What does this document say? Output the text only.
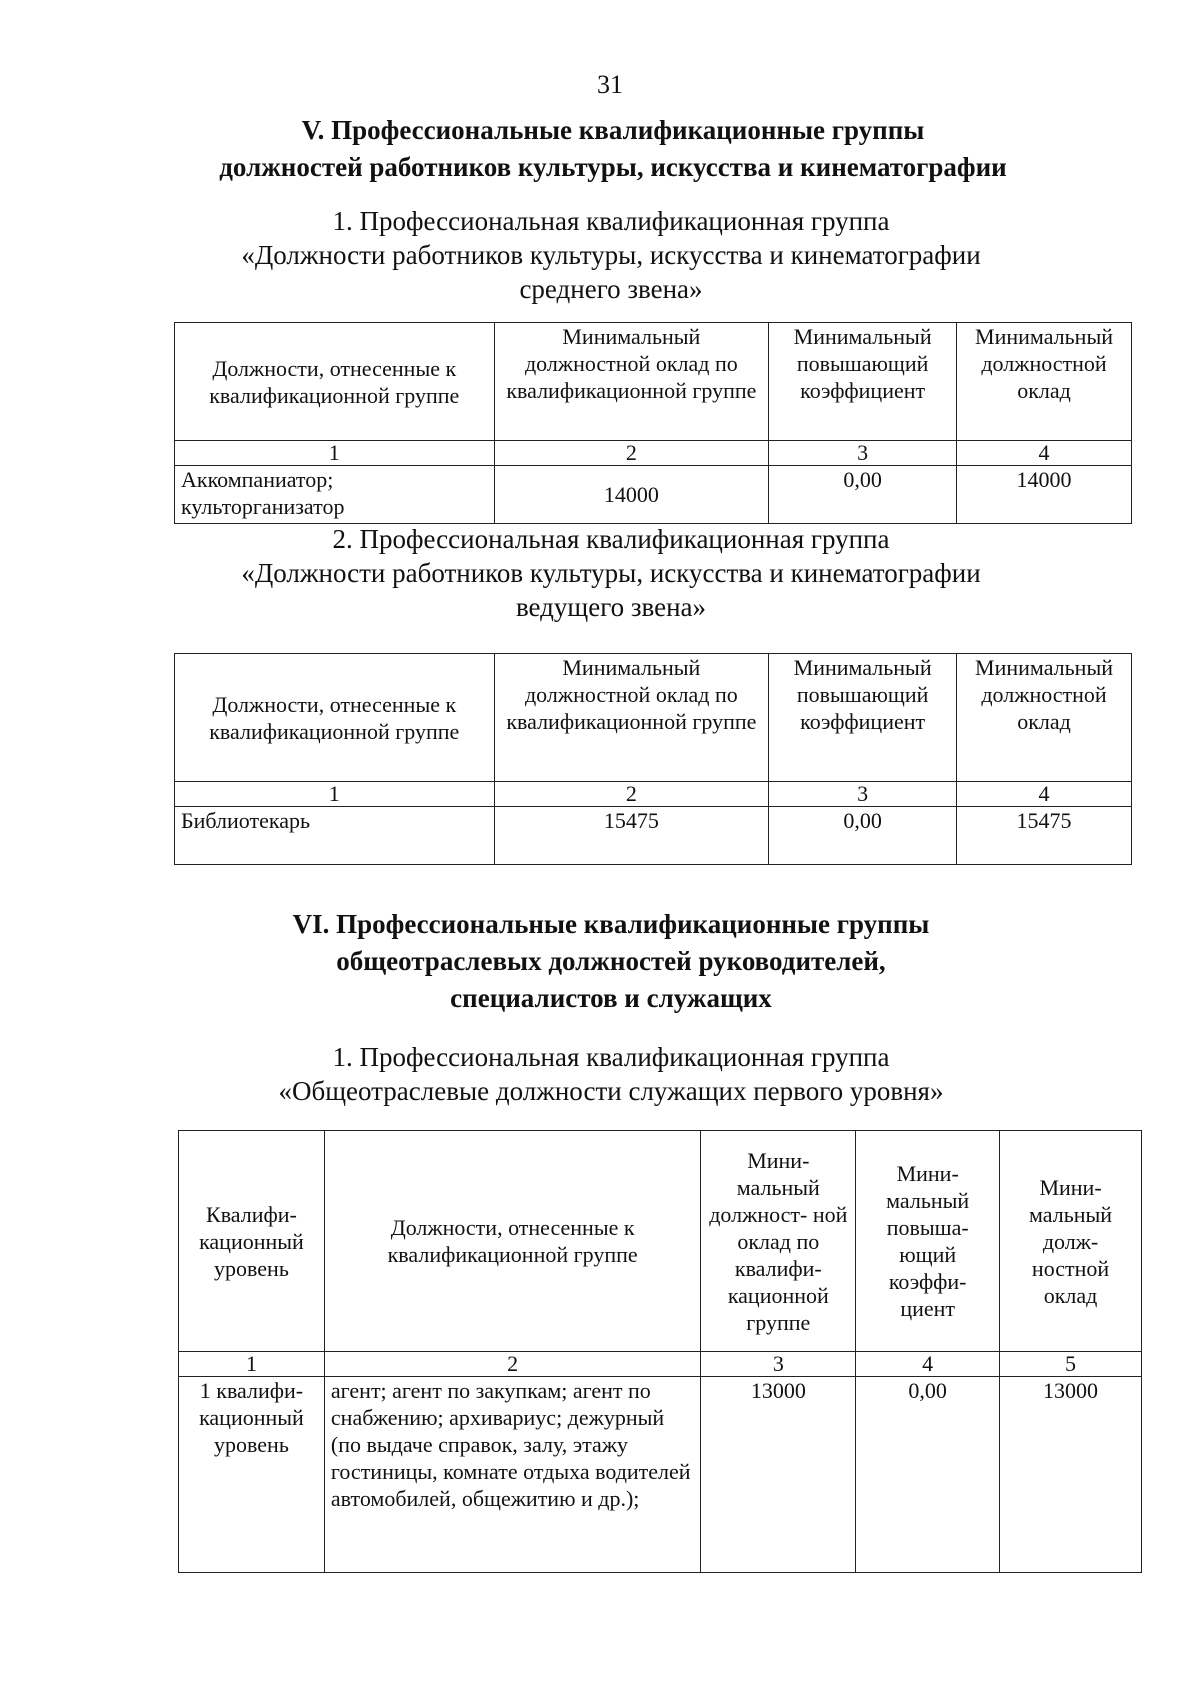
31
V. Профессиональные квалификационные группы
должностей работников культуры, искусства и кинематографии
1. Профессиональная квалификационная группа
«Должности работников культуры, искусства и кинематографии
среднего звена»
Должности, отнесенные к квалификационной группе	Минимальный должностной оклад по квалификационной группе	Минимальный повышающий коэффициент	Минимальный должностной оклад
1	2	3	4
Аккомпаниатор; культорганизатор	14000	0,00	14000
2. Профессиональная квалификационная группа
«Должности работников культуры, искусства и кинематографии
ведущего звена»
Должности, отнесенные к квалификационной группе	Минимальный должностной оклад по квалификационной группе	Минимальный повышающий коэффициент	Минимальный должностной оклад
1	2	3	4
Библиотекарь	15475	0,00	15475
VI. Профессиональные квалификационные группы
общеотраслевых должностей руководителей,
специалистов и служащих
1. Профессиональная квалификационная группа
«Общеотраслевые должности служащих первого уровня»
Квалифи- кационный уровень	Должности, отнесенные к квалификационной группе	Мини- мальный должност- ной оклад по квалифи- кационной группе	Мини- мальный повыша- ющий коэффи- циент	Мини- мальный долж- ностной оклад
1	2	3	4	5
1 квалифи- кационный уровень	агент; агент по закупкам; агент по снабжению; архивариус; дежурный (по выдаче справок, залу, этажу гостиницы, комнате отдыха водителей автомобилей, общежитию и др.);	13000	0,00	13000
